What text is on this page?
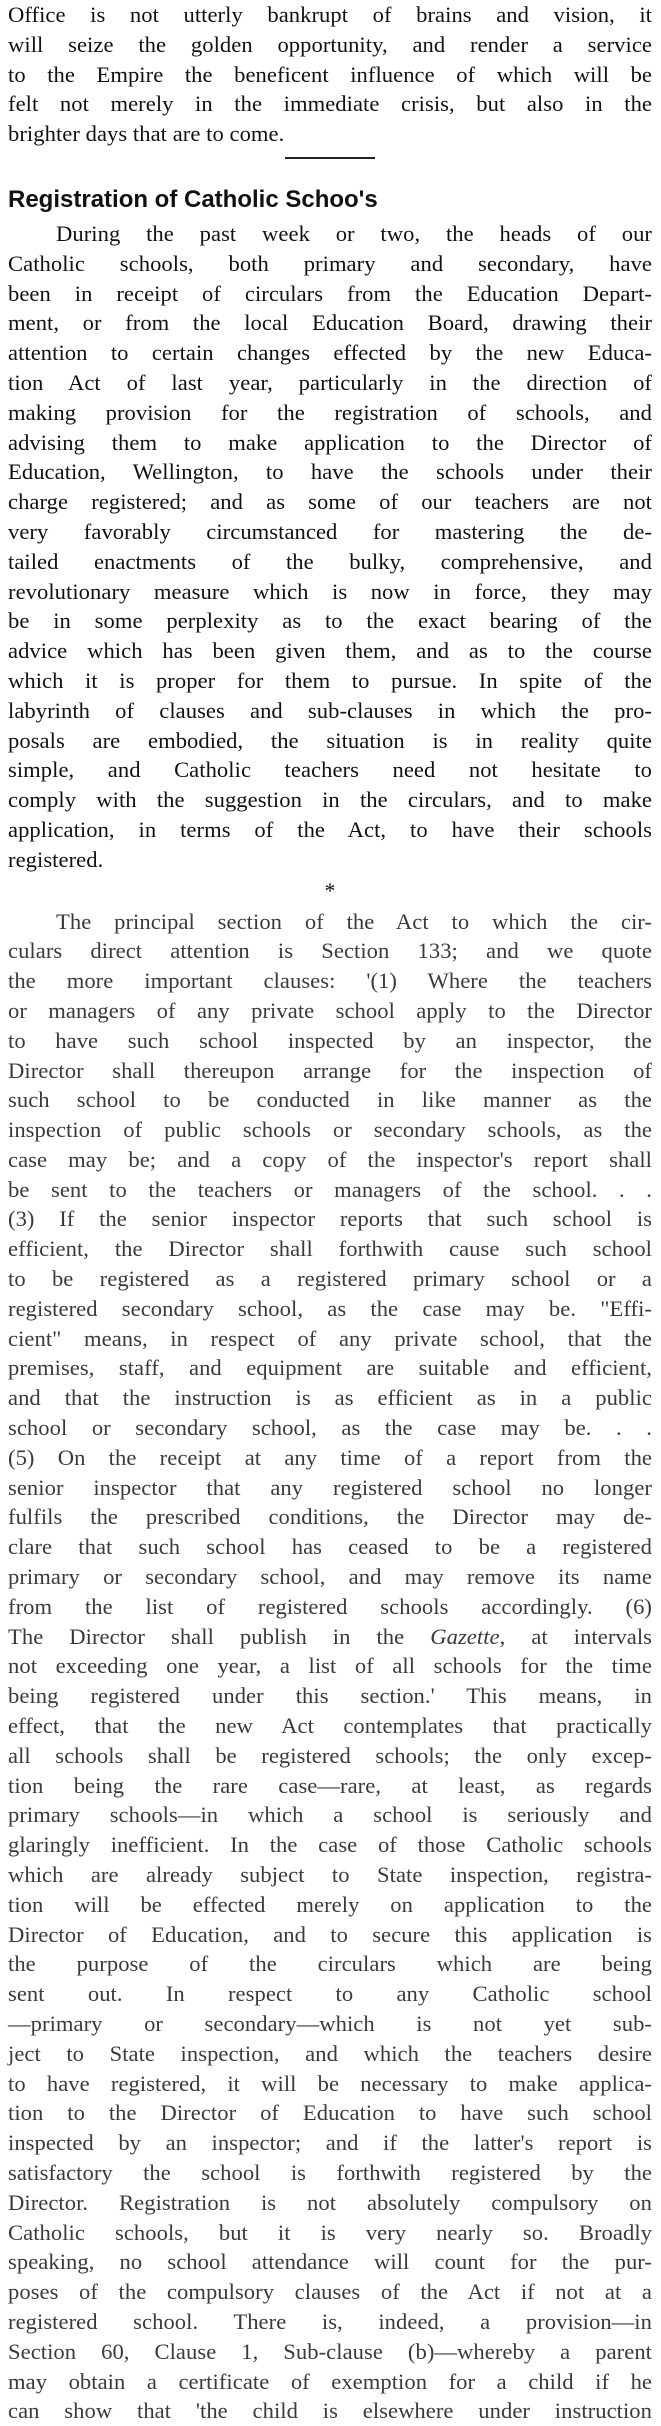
Office is not utterly bankrupt of brains and vision, it
will seize the golden opportunity, and render a service
to the Empire the beneficent influence of which will be
felt not merely in the immediate crisis, but also in the
brighter days that are to come.
Registration of Catholic Schoo's
During the past week or two, the heads of our
Catholic schools, both primary and secondary, have
been in receipt of circulars from the Education Depart-
ment, or from the local Education Board, drawing their
attention to certain changes effected by the new Educa-
tion Act of last year, particularly in the direction of
making provision for the registration of schools, and
advising them to make application to the Director of
Education, Wellington, to have the schools under their
charge registered; and as some of our teachers are not
very favorably circumstanced for mastering the de-
tailed enactments of the bulky, comprehensive, and
revolutionary measure which is now in force, they may
be in some perplexity as to the exact bearing of the
advice which has been given them, and as to the course
which it is proper for them to pursue. In spite of the
labyrinth of clauses and sub-clauses in which the pro-
posals are embodied, the situation is in reality quite
simple, and Catholic teachers need not hesitate to
comply with the suggestion in the circulars, and to make
application, in terms of the Act, to have their schools
registered.
*
The principal section of the Act to which the cir-
culars direct attention is Section 133; and we quote
the more important clauses: '(1) Where the teachers
or managers of any private school apply to the Director
to have such school inspected by an inspector, the
Director shall thereupon arrange for the inspection of
such school to be conducted in like manner as the
inspection of public schools or secondary schools, as the
case may be; and a copy of the inspector's report shall
be sent to the teachers or managers of the school. . .
(3) If the senior inspector reports that such school is
efficient, the Director shall forthwith cause such school
to be registered as a registered primary school or a
registered secondary school, as the case may be. "Effi-
cient" means, in respect of any private school, that the
premises, staff, and equipment are suitable and efficient,
and that the instruction is as efficient as in a public
school or secondary school, as the case may be. . .
(5) On the receipt at any time of a report from the
senior inspector that any registered school no longer
fulfils the prescribed conditions, the Director may de-
clare that such school has ceased to be a registered
primary or secondary school, and may remove its name
from the list of registered schools accordingly. (6)
The Director shall publish in the Gazette, at intervals
not exceeding one year, a list of all schools for the time
being registered under this section.' This means, in
effect, that the new Act contemplates that practically
all schools shall be registered schools; the only excep-
tion being the rare case—rare, at least, as regards
primary schools—in which a school is seriously and
glaringly inefficient. In the case of those Catholic schools
which are already subject to State inspection, registra-
tion will be effected merely on application to the
Director of Education, and to secure this application is
the purpose of the circulars which are being
sent out. In respect to any Catholic school
—primary or secondary—which is not yet sub-
ject to State inspection, and which the teachers desire
to have registered, it will be necessary to make applica-
tion to the Director of Education to have such school
inspected by an inspector; and if the latter's report is
satisfactory the school is forthwith registered by the
Director. Registration is not absolutely compulsory on
Catholic schools, but it is very nearly so. Broadly
speaking, no school attendance will count for the pur-
poses of the compulsory clauses of the Act if not at a
registered school. There is, indeed, a provision—in
Section 60, Clause 1, Sub-clause (b)—whereby a parent
may obtain a certificate of exemption for a child if he
can show that 'the child is elsewhere under instruction
